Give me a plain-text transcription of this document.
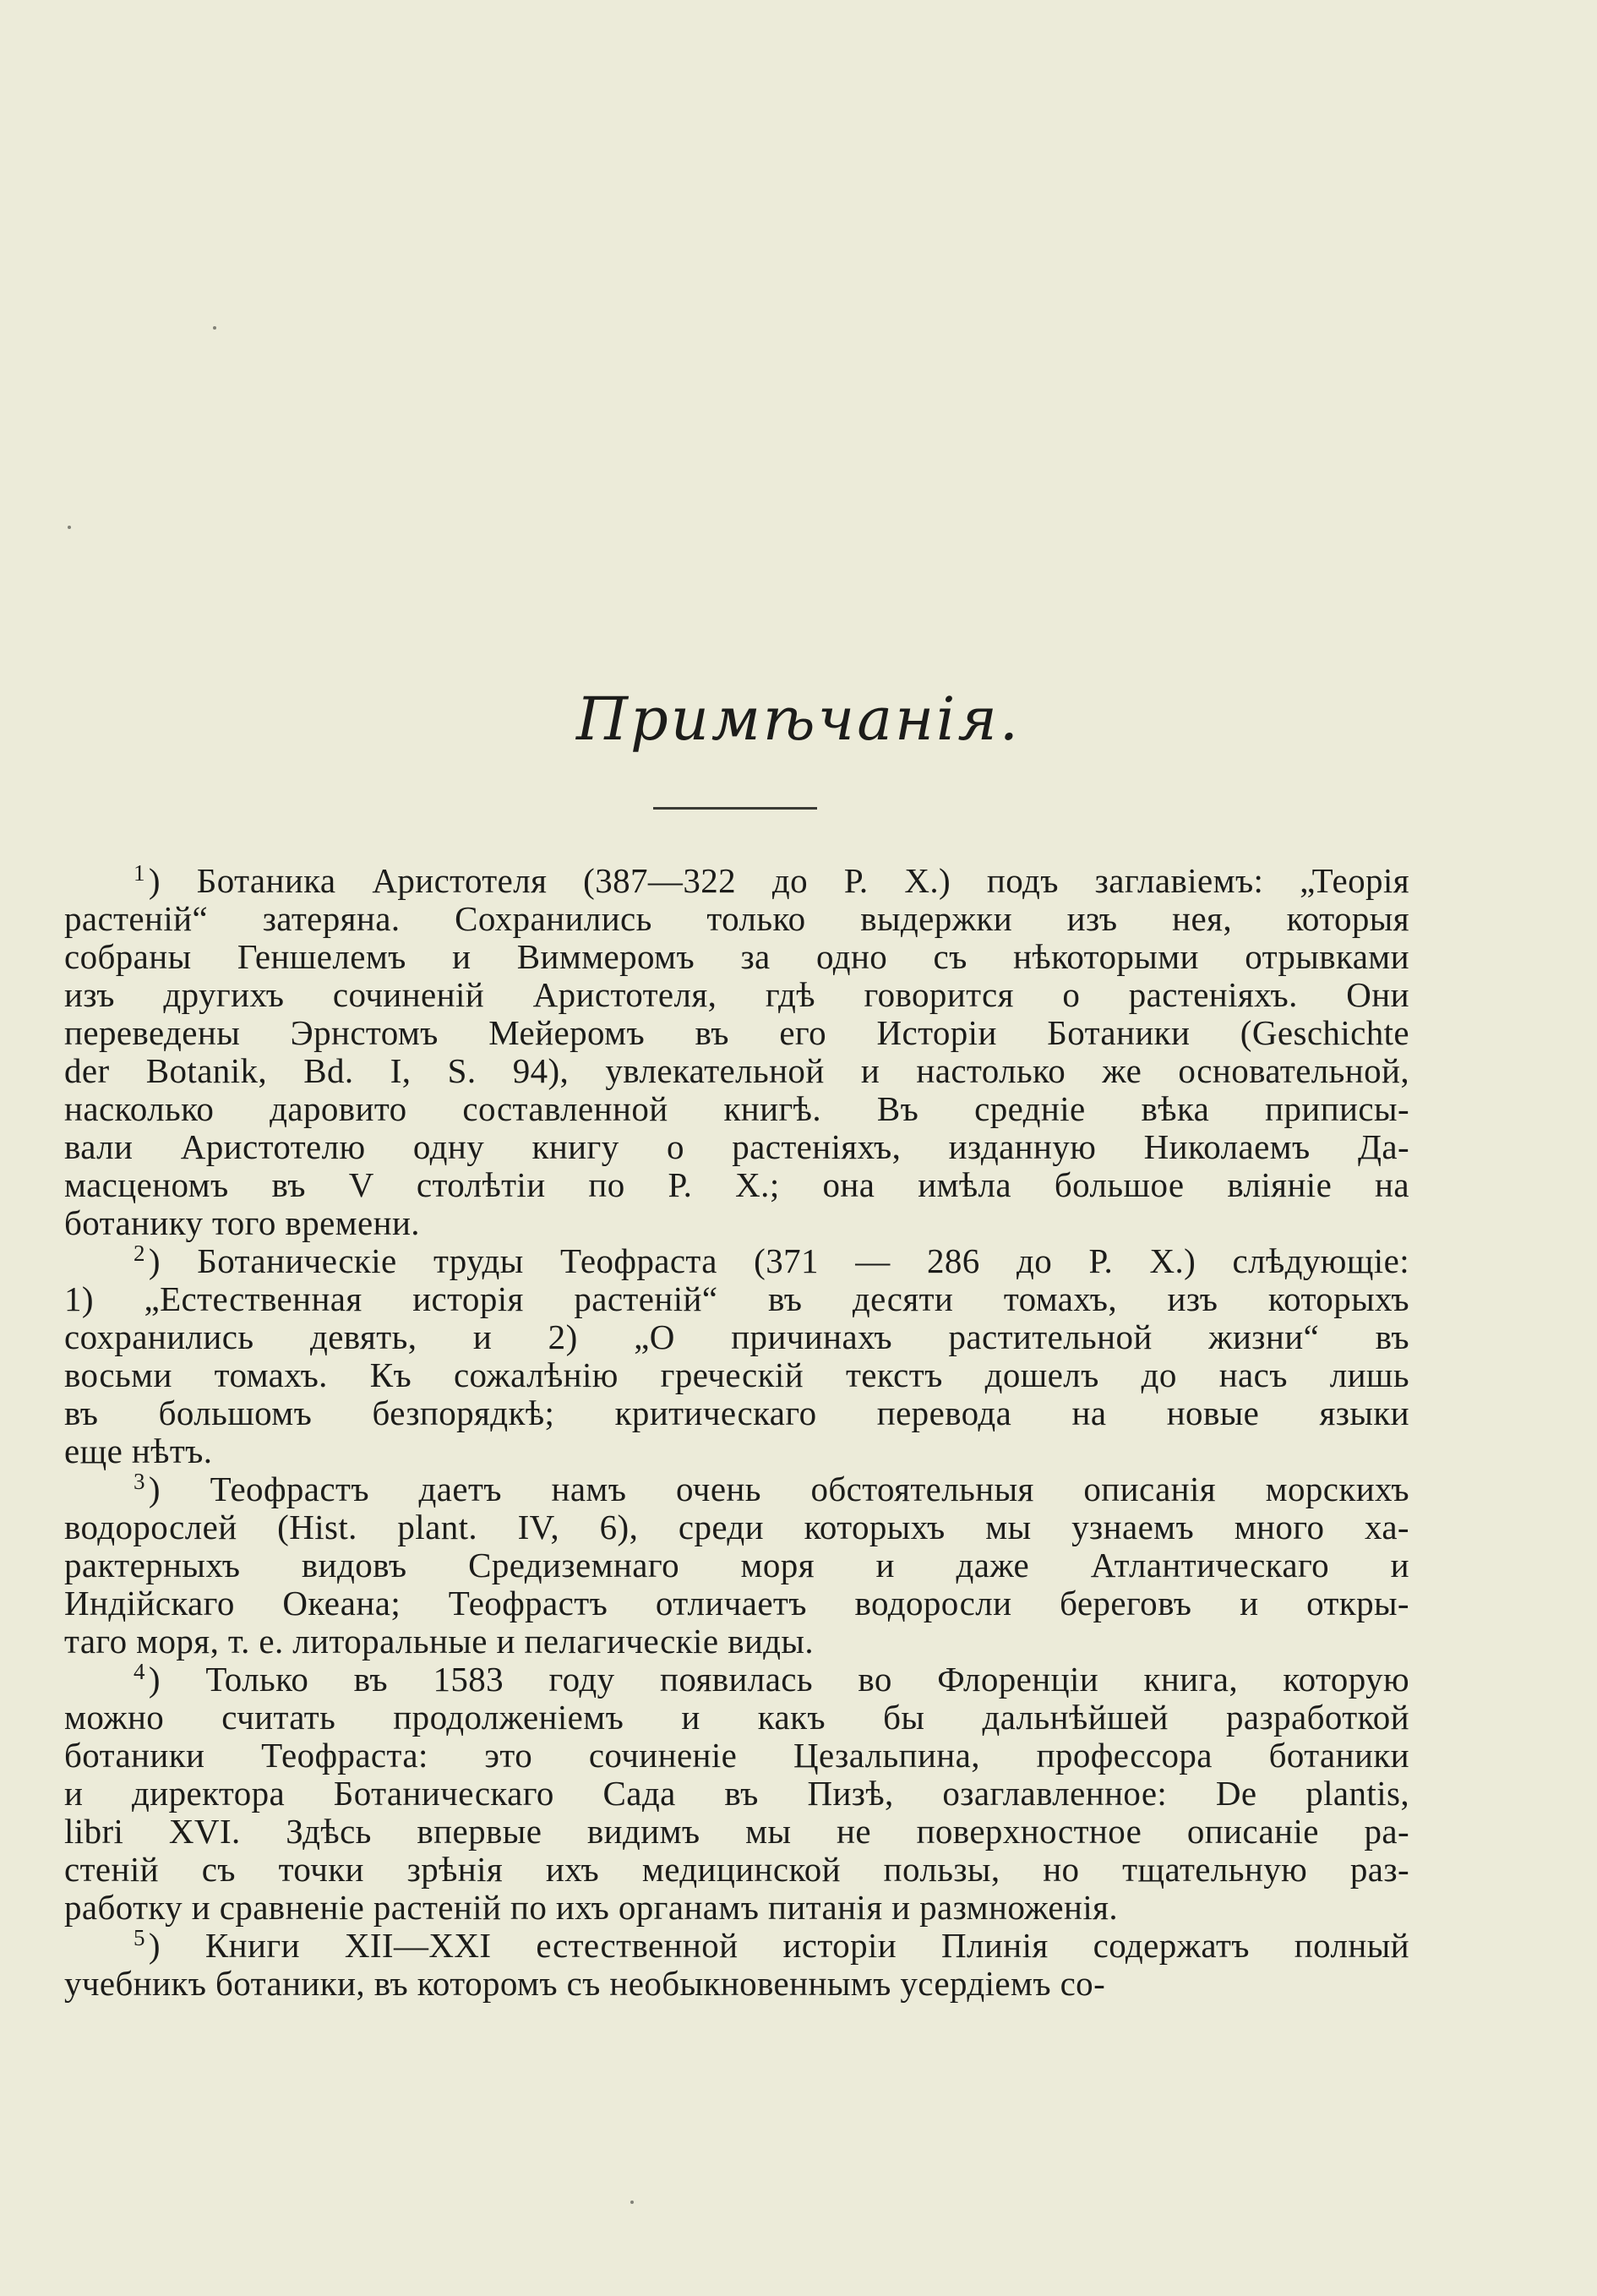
Примѣчанія.
$^1$) Ботаника Аристотеля (387—322 до Р. X.) подъ заглавіемъ: „Теорія
растеній“ затеряна. Сохранились только выдержки изъ нея, которыя
собраны Геншелемъ и Виммеромъ за одно съ нѣкоторыми отрывками
изъ другихъ сочиненій Аристотеля, гдѣ говорится о растеніяхъ. Они
переведены Эрнстомъ Мейеромъ въ его Исторіи Ботаники (Geschichte
der Botanik, Bd. I, S. 94), увлекательной и настолько же основательной,
насколько даровито составленной книгѣ. Въ средніе вѣка приписы-
вали Аристотелю одну книгу о растеніяхъ, изданную Николаемъ Да-
масценомъ въ V столѣтіи по Р. X.; она имѣла большое вліяніе на
ботанику того времени.
$^2$) Ботаническіе труды Теофраста (371 — 286 до Р. X.) слѣдующіе:
1) „Естественная исторія растеній“ въ десяти томахъ, изъ которыхъ
сохранились девять, и 2) „О причинахъ растительной жизни“ въ
восьми томахъ. Къ сожалѣнію греческій текстъ дошелъ до насъ лишь
въ большомъ безпорядкѣ; критическаго перевода на новые языки
еще нѣтъ.
$^3$) Теофрастъ даетъ намъ очень обстоятельныя описанія морскихъ
водорослей (Hist. plant. IV, 6), среди которыхъ мы узнаемъ много ха-
рактерныхъ видовъ Средиземнаго моря и даже Атлантическаго и
Индійскаго Океана; Теофрастъ отличаетъ водоросли береговъ и откры-
таго моря, т. е. литоральные и пелагическіе виды.
$^4$) Только въ 1583 году появилась во Флоренціи книга, которую
можно считать продолженіемъ и какъ бы дальнѣйшей разработкой
ботаники Теофраста: это сочиненіе Цезальпина, профессора ботаники
и директора Ботаническаго Сада въ Пизѣ, озаглавленное: De plantis,
libri XVI. Здѣсь впервые видимъ мы не поверхностное описаніе ра-
стеній съ точки зрѣнія ихъ медицинской пользы, но тщательную раз-
работку и сравненіе растеній по ихъ органамъ питанія и размноженія.
$^5$) Книги XII—XXI естественной исторіи Плинія содержатъ полный
учебникъ ботаники, въ которомъ съ необыкновеннымъ усердіемъ со-
